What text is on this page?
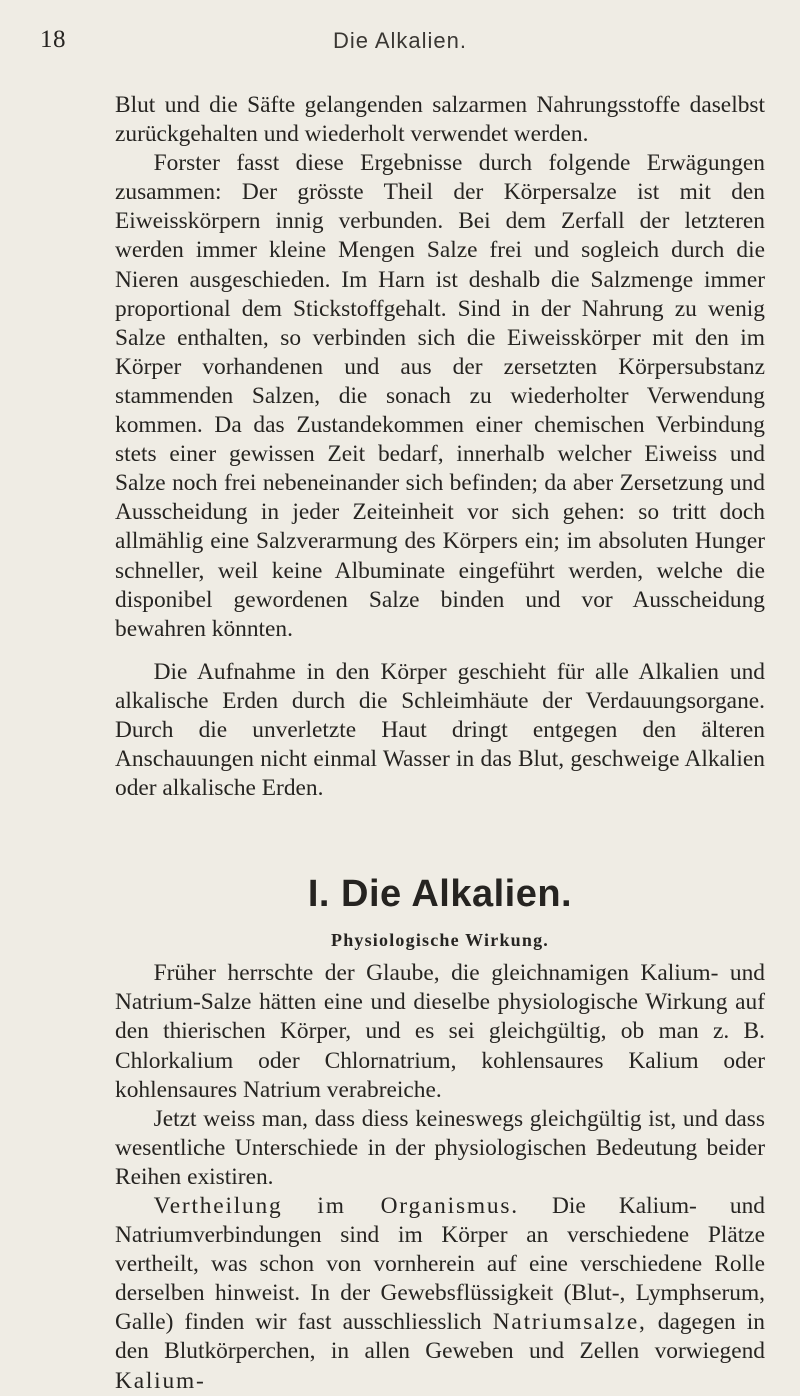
18	Die Alkalien.

Blut und die Säfte gelangenden salzarmen Nahrungsstoffe daselbst zurückgehalten und wiederholt verwendet werden.

Forster fasst diese Ergebnisse durch folgende Erwägungen zusammen: Der grösste Theil der Körpersalze ist mit den Eiweisskörpern innig verbunden. Bei dem Zerfall der letzteren werden immer kleine Mengen Salze frei und sogleich durch die Nieren ausgeschieden. Im Harn ist deshalb die Salzmenge immer proportional dem Stickstoffgehalt. Sind in der Nahrung zu wenig Salze enthalten, so verbinden sich die Eiweisskörper mit den im Körper vorhandenen und aus der zersetzten Körpersubstanz stammenden Salzen, die sonach zu wiederholter Verwendung kommen. Da das Zustandekommen einer chemischen Verbindung stets einer gewissen Zeit bedarf, innerhalb welcher Eiweiss und Salze noch frei nebeneinander sich befinden; da aber Zersetzung und Ausscheidung in jeder Zeiteinheit vor sich gehen: so tritt doch allmählig eine Salzverarmung des Körpers ein; im absoluten Hunger schneller, weil keine Albuminate eingeführt werden, welche die disponibel gewordenen Salze binden und vor Ausscheidung bewahren könnten.

Die Aufnahme in den Körper geschieht für alle Alkalien und alkalische Erden durch die Schleimhäute der Verdauungsorgane. Durch die unverletzte Haut dringt entgegen den älteren Anschauungen nicht einmal Wasser in das Blut, geschweige Alkalien oder alkalische Erden.

I. Die Alkalien.
Physiologische Wirkung.

Früher herrschte der Glaube, die gleichnamigen Kalium- und Natrium-Salze hätten eine und dieselbe physiologische Wirkung auf den thierischen Körper, und es sei gleichgültig, ob man z. B. Chlorkalium oder Chlornatrium, kohlensaures Kalium oder kohlensaures Natrium verabreiche.

Jetzt weiss man, dass diess keineswegs gleichgültig ist, und dass wesentliche Unterschiede in der physiologischen Bedeutung beider Reihen existiren.

Vertheilung im Organismus. Die Kalium- und Natriumverbindungen sind im Körper an verschiedene Plätze vertheilt, was schon von vornherein auf eine verschiedene Rolle derselben hinweist. In der Gewebsflüssigkeit (Blut-, Lymphserum, Galle) finden wir fast ausschliesslich Natriumsalze, dagegen in den Blutkörperchen, in allen Geweben und Zellen vorwiegend Kalium-
